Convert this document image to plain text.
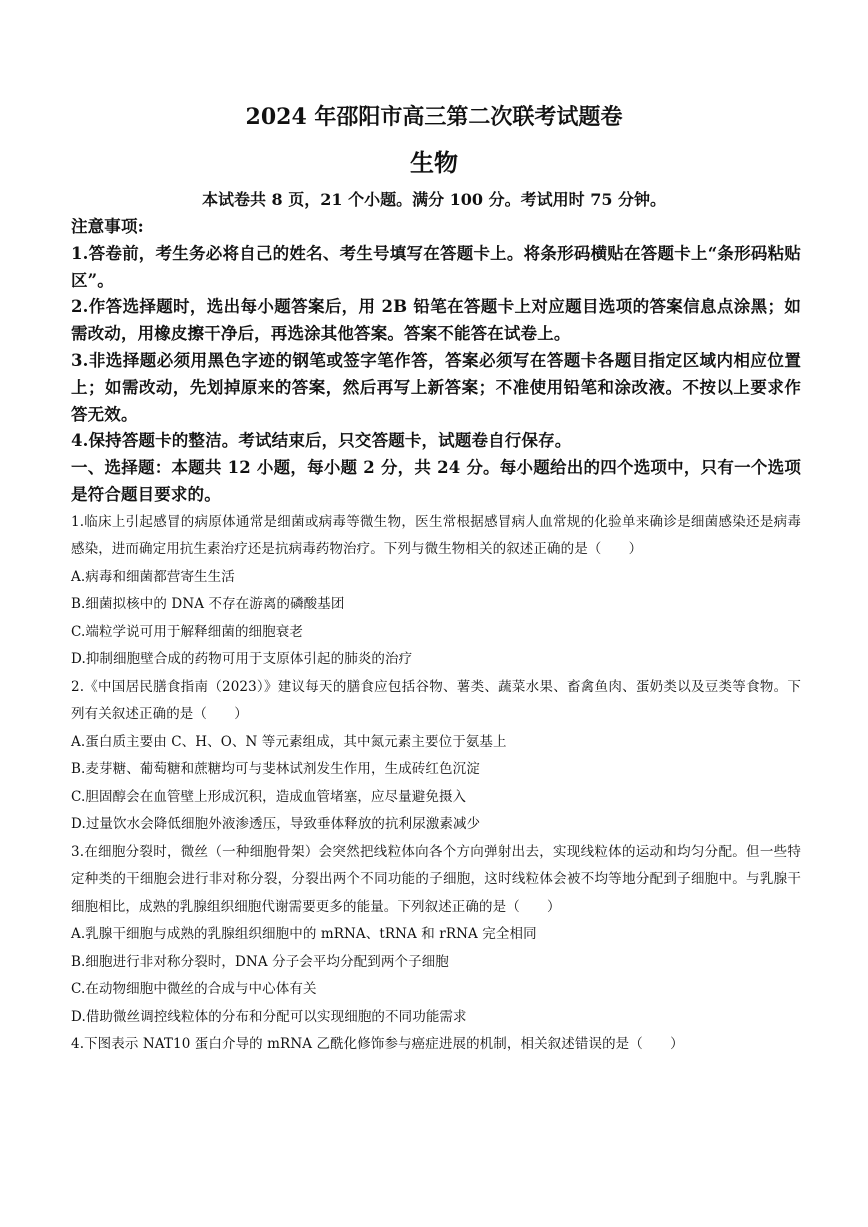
2024 年邵阳市高三第二次联考试题卷
生物
本试卷共 8 页，21 个小题。满分 100 分。考试用时 75 分钟。
注意事项:
1.答卷前，考生务必将自己的姓名、考生号填写在答题卡上。将条形码横贴在答题卡上“条形码粘贴区”。
2.作答选择题时，选出每小题答案后，用 2B 铅笔在答题卡上对应题目选项的答案信息点涂黑；如需改动，用橡皮擦干净后，再选涂其他答案。答案不能答在试卷上。
3.非选择题必须用黑色字迹的钢笔或签字笔作答，答案必须写在答题卡各题目指定区域内相应位置上；如需改动，先划掉原来的答案，然后再写上新答案；不准使用铅笔和涂改液。不按以上要求作答无效。
4.保持答题卡的整洁。考试结束后，只交答题卡，试题卷自行保存。
一、选择题：本题共 12 小题，每小题 2 分，共 24 分。每小题给出的四个选项中，只有一个选项是符合题目要求的。
1.临床上引起感冒的病原体通常是细菌或病毒等微生物，医生常根据感冒病人血常规的化验单来确诊是细菌感染还是病毒感染，进而确定用抗生素治疗还是抗病毒药物治疗。下列与微生物相关的叙述正确的是（　　）
A.病毒和细菌都营寄生生活
B.细菌拟核中的 DNA 不存在游离的磷酸基团
C.端粒学说可用于解释细菌的细胞衰老
D.抑制细胞壁合成的药物可用于支原体引起的肺炎的治疗
2.《中国居民膳食指南（2023）》建议每天的膳食应包括谷物、薯类、蔬菜水果、畜禽鱼肉、蛋奶类以及豆类等食物。下列有关叙述正确的是（　　）
A.蛋白质主要由 C、H、O、N 等元素组成，其中氮元素主要位于氨基上
B.麦芽糖、葡萄糖和蔗糖均可与斐林试剂发生作用，生成砖红色沉淀
C.胆固醇会在血管壁上形成沉积，造成血管堵塞，应尽量避免摄入
D.过量饮水会降低细胞外液渗透压，导致垂体释放的抗利尿激素减少
3.在细胞分裂时，微丝（一种细胞骨架）会突然把线粒体向各个方向弹射出去，实现线粒体的运动和均匀分配。但一些特定种类的干细胞会进行非对称分裂，分裂出两个不同功能的子细胞，这时线粒体会被不均等地分配到子细胞中。与乳腺干细胞相比，成熟的乳腺组织细胞代谢需要更多的能量。下列叙述正确的是（　　）
A.乳腺干细胞与成熟的乳腺组织细胞中的 mRNA、tRNA 和 rRNA 完全相同
B.细胞进行非对称分裂时，DNA 分子会平均分配到两个子细胞
C.在动物细胞中微丝的合成与中心体有关
D.借助微丝调控线粒体的分布和分配可以实现细胞的不同功能需求
4.下图表示 NAT10 蛋白介导的 mRNA 乙酰化修饰参与癌症进展的机制，相关叙述错误的是（　　）
